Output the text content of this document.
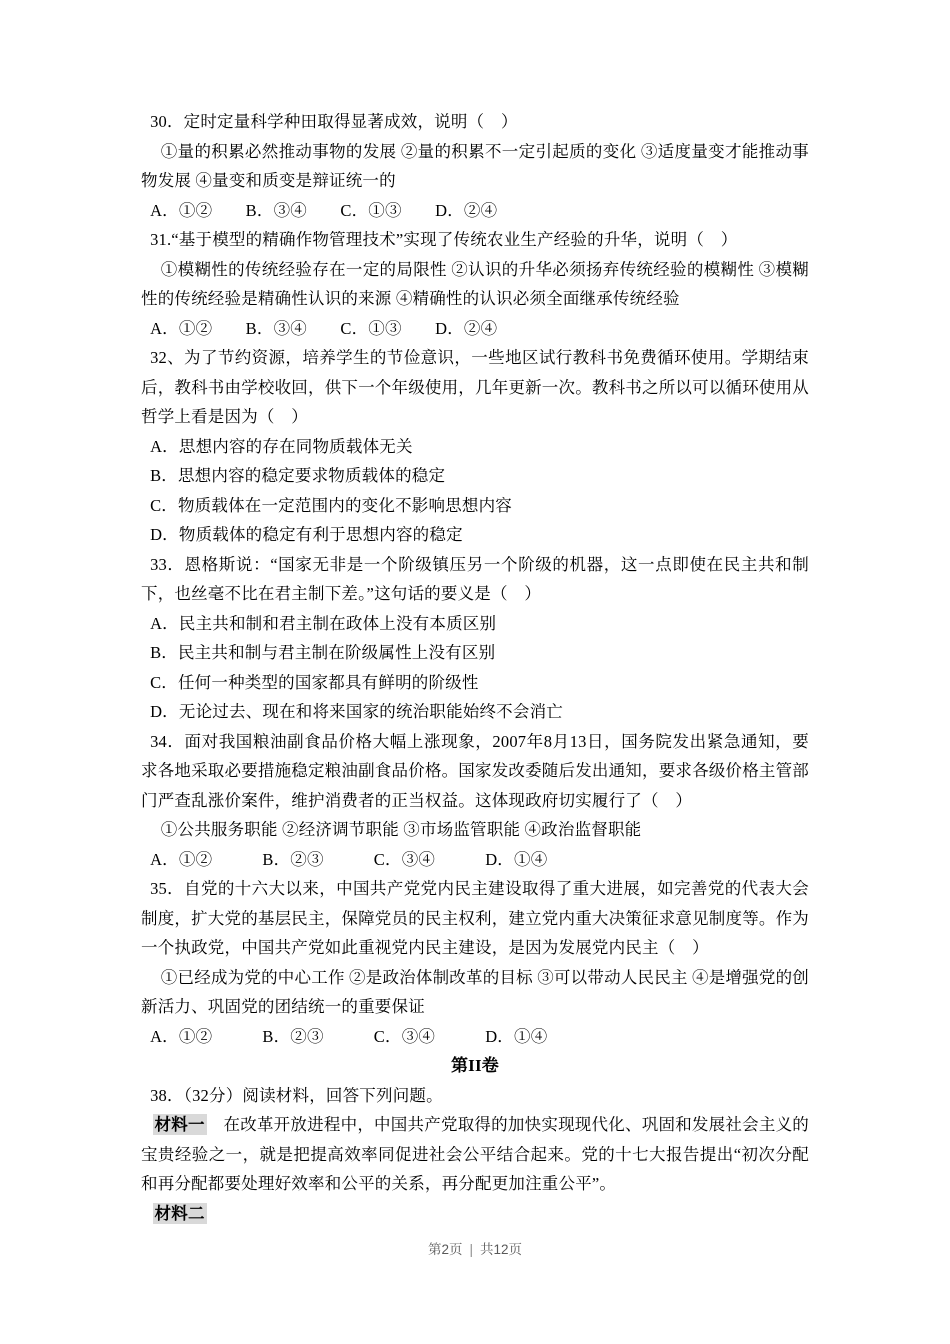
30．定时定量科学种田取得显著成效，说明（　）

①量的积累必然推动事物的发展 ②量的积累不一定引起质的变化 ③适度量变才能推动事物发展 ④量变和质变是辩证统一的

A．①②　　B．③④　　C．①③　　D．②④

31.“基于模型的精确作物管理技术”实现了传统农业生产经验的升华，说明（　）

①模糊性的传统经验存在一定的局限性 ②认识的升华必须扬弃传统经验的模糊性 ③模糊性的传统经验是精确性认识的来源 ④精确性的认识必须全面继承传统经验

A．①②　　B．③④　　C．①③　　D．②④

32、为了节约资源，培养学生的节俭意识，一些地区试行教科书免费循环使用。学期结束后，教科书由学校收回，供下一个年级使用，几年更新一次。教科书之所以可以循环使用从哲学上看是因为（　）

A．思想内容的存在同物质载体无关

B．思想内容的稳定要求物质载体的稳定

C．物质载体在一定范围内的变化不影响思想内容

D．物质载体的稳定有利于思想内容的稳定

33．恩格斯说：“国家无非是一个阶级镇压另一个阶级的机器，这一点即使在民主共和制下，也丝毫不比在君主制下差。”这句话的要义是（　）

A．民主共和制和君主制在政体上没有本质区别

B．民主共和制与君主制在阶级属性上没有区别

C．任何一种类型的国家都具有鲜明的阶级性

D．无论过去、现在和将来国家的统治职能始终不会消亡

34．面对我国粮油副食品价格大幅上涨现象，2007年8月13日，国务院发出紧急通知，要求各地采取必要措施稳定粮油副食品价格。国家发改委随后发出通知，要求各级价格主管部门严查乱涨价案件，维护消费者的正当权益。这体现政府切实履行了（　）

①公共服务职能 ②经济调节职能 ③市场监管职能 ④政治监督职能

A．①②　　　B．②③　　　C．③④　　　D．①④

35．自党的十六大以来，中国共产党党内民主建设取得了重大进展，如完善党的代表大会制度，扩大党的基层民主，保障党员的民主权利，建立党内重大决策征求意见制度等。作为一个执政党，中国共产党如此重视党内民主建设，是因为发展党内民主（　）

①已经成为党的中心工作 ②是政治体制改革的目标 ③可以带动人民民主 ④是增强党的创新活力、巩固党的团结统一的重要保证

A．①②　　　B．②③　　　C．③④　　　D．①④

第II卷

38．（32分）阅读材料，回答下列问题。

材料一　在改革开放进程中，中国共产党取得的加快实现现代化、巩固和发展社会主义的宝贵经验之一，就是把提高效率同促进社会公平结合起来。党的十七大报告提出“初次分配和再分配都要处理好效率和公平的关系，再分配更加注重公平”。

材料二

第2页 | 共12页
